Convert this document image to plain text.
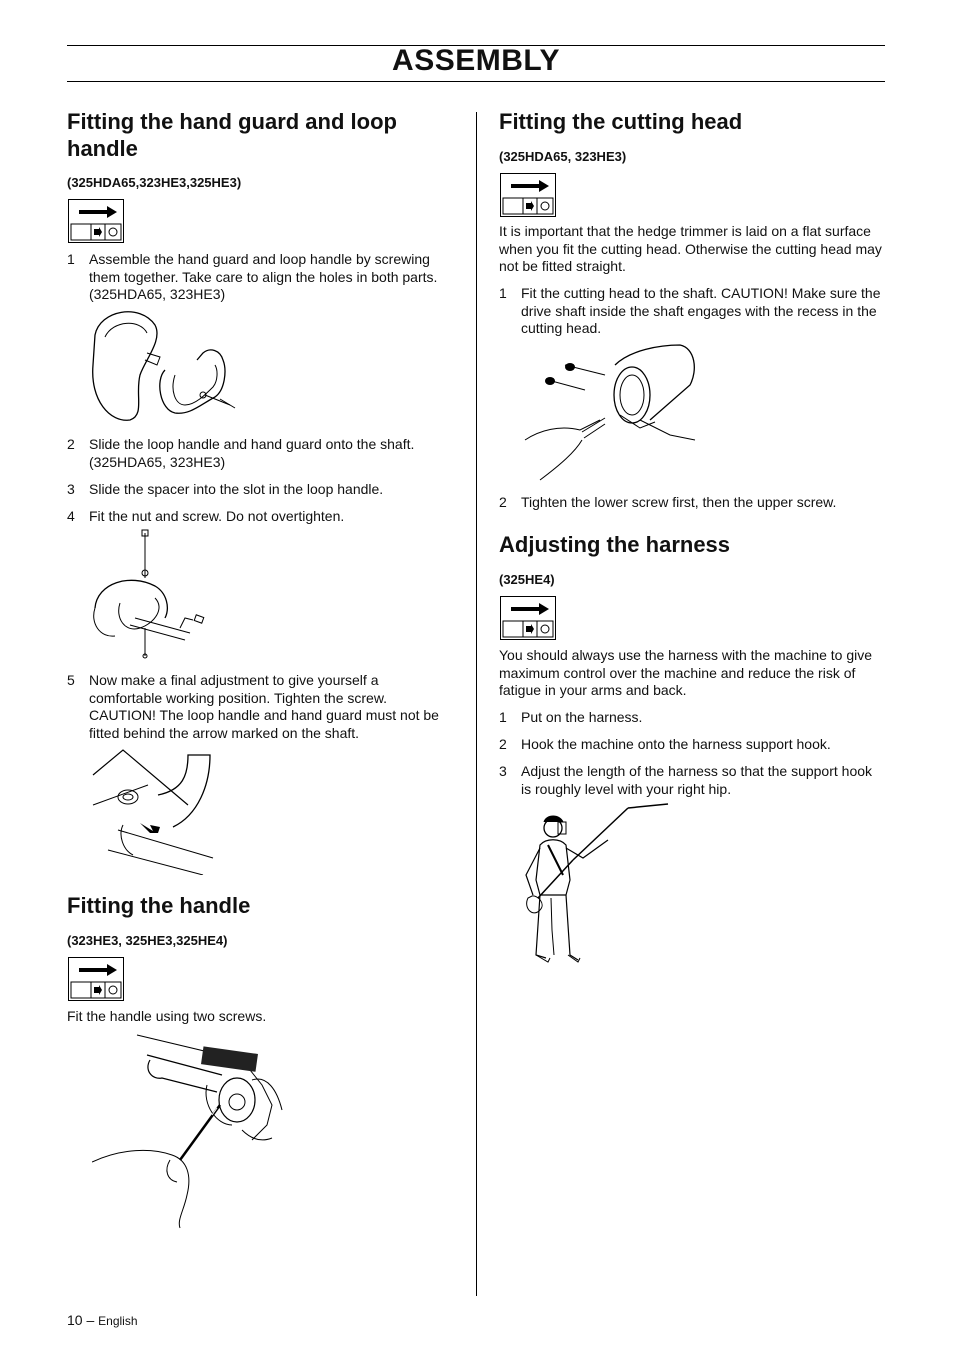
ASSEMBLY
Fitting the hand guard and loop
handle
(325HDA65,323HE3,325HE3)
1 Assemble the hand guard and loop handle by screwing
them together. Take care to align the holes in both parts.
(325HDA65, 323HE3)
2 Slide the loop handle and hand guard onto the shaft.
(325HDA65, 323HE3)
3 Slide the spacer into the slot in the loop handle.
4 Fit the nut and screw. Do not overtighten.
5 Now make a final adjustment to give yourself a
comfortable working position. Tighten the screw.
CAUTION! The loop handle and hand guard must not be
fitted behind the arrow marked on the shaft.
Fitting the handle
(323HE3, 325HE3,325HE4)
Fit the handle using two screws.
Fitting the cutting head
(325HDA65, 323HE3)
It is important that the hedge trimmer is laid on a flat surface
when you fit the cutting head. Otherwise the cutting head may
not be fitted straight.
1 Fit the cutting head to the shaft. CAUTION! Make sure the
drive shaft inside the shaft engages with the recess in the
cutting head.
2 Tighten the lower screw first, then the upper screw.
Adjusting the harness
(325HE4)
You should always use the harness with the machine to give
maximum control over the machine and reduce the risk of
fatigue in your arms and back.
1 Put on the harness.
2 Hook the machine onto the harness support hook.
3 Adjust the length of the harness so that the support hook
is roughly level with your right hip.
10 – English
